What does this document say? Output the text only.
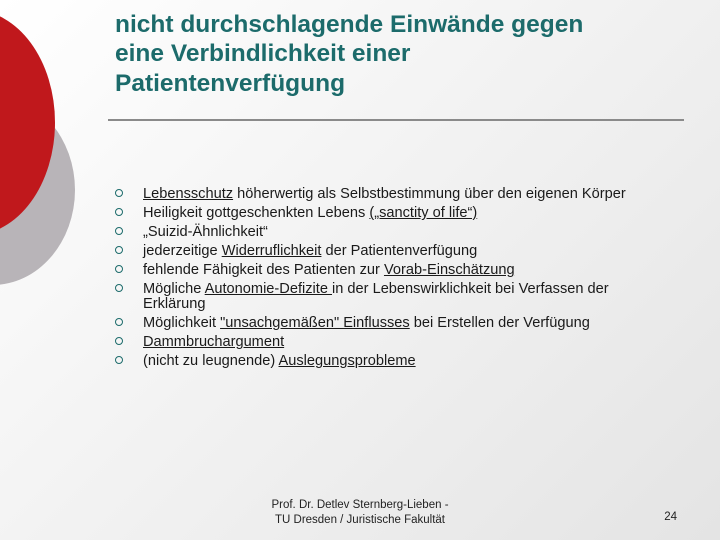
nicht durchschlagende Einwände gegen
eine Verbindlichkeit einer
Patientenverfügung
Lebensschutz höherwertig als Selbstbestimmung über den eigenen Körper
Heiligkeit gottgeschenkten Lebens („sanctity of life“)
„Suizid-Ähnlichkeit“
jederzeitige Widerruflichkeit der Patientenverfügung
fehlende Fähigkeit des Patienten zur Vorab-Einschätzung
Mögliche Autonomie-Defizite in der Lebenswirklichkeit bei Verfassen der Erklärung
Möglichkeit "unsachgemäßen" Einflusses bei Erstellen der Verfügung
Dammbruchargument
(nicht zu leugnende) Auslegungsprobleme
Prof. Dr. Detlev Sternberg-Lieben -
TU Dresden / Juristische Fakultät	24
